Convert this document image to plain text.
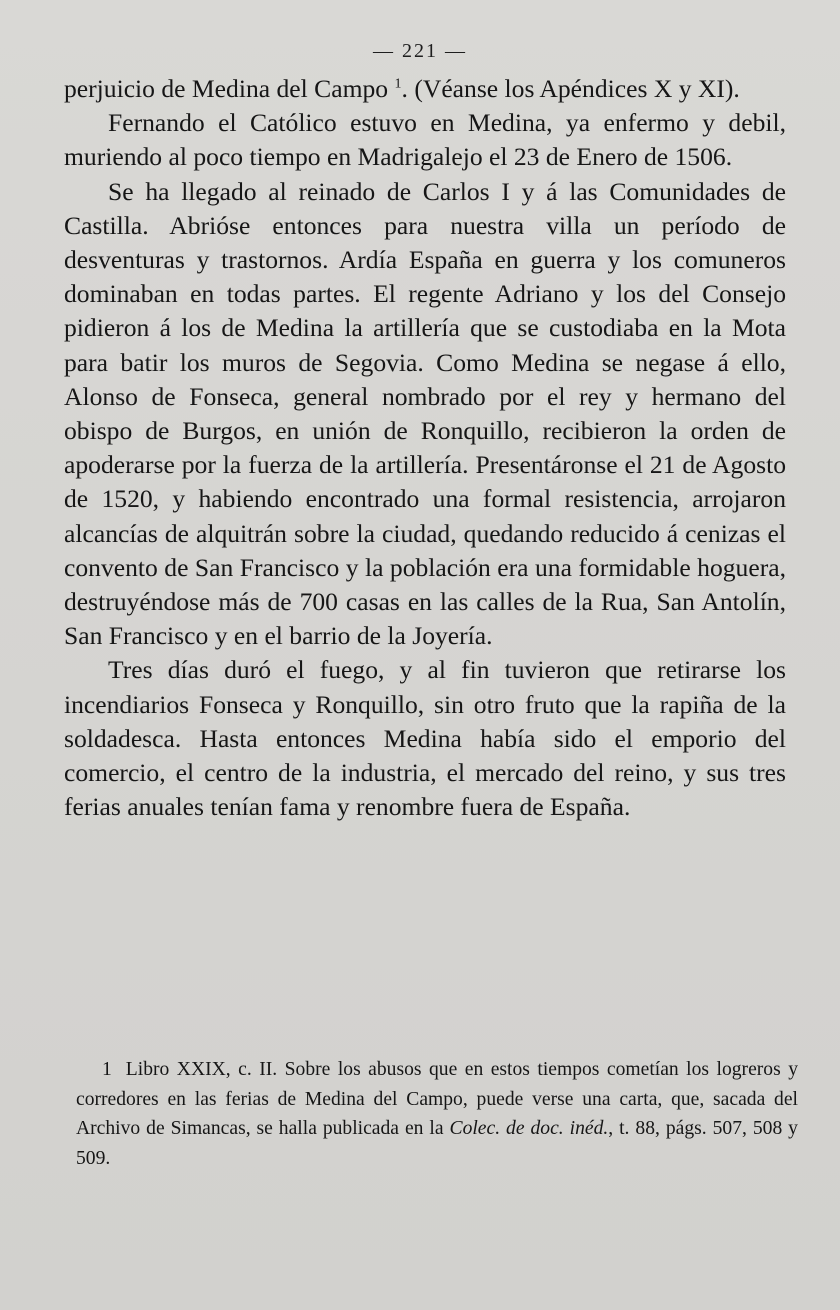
— 221 —

perjuicio de Medina del Campo $^1$. (Véanse los Apéndices X y XI).

Fernando el Católico estuvo en Medina, ya enfermo y debil, muriendo al poco tiempo en Madrigalejo el 23 de Enero de 1506.

Se ha llegado al reinado de Carlos I y á las Comunidades de Castilla. Abrióse entonces para nuestra villa un período de desventuras y trastornos. Ardía España en guerra y los comuneros dominaban en todas partes. El regente Adriano y los del Consejo pidieron á los de Medina la artillería que se custodiaba en la Mota para batir los muros de Segovia. Como Medina se negase á ello, Alonso de Fonseca, general nombrado por el rey y hermano del obispo de Burgos, en unión de Ronquillo, recibieron la orden de apoderarse por la fuerza de la artillería. Presentáronse el 21 de Agosto de 1520, y habiendo encontrado una formal resistencia, arrojaron alcancías de alquitrán sobre la ciudad, quedando reducido á cenizas el convento de San Francisco y la población era una formidable hoguera, destruyéndose más de 700 casas en las calles de la Rua, San Antolín, San Francisco y en el barrio de la Joyería.

Tres días duró el fuego, y al fin tuvieron que retirarse los incendiarios Fonseca y Ronquillo, sin otro fruto que la rapiña de la soldadesca. Hasta entonces Medina había sido el emporio del comercio, el centro de la industria, el mercado del reino, y sus tres ferias anuales tenían fama y renombre fuera de España.

1 Libro XXIX, c. II. Sobre los abusos que en estos tiempos cometían los logreros y corredores en las ferias de Medina del Campo, puede verse una carta, que, sacada del Archivo de Simancas, se halla publicada en la Colec. de doc. inéd., t. 88, págs. 507, 508 y 509.
